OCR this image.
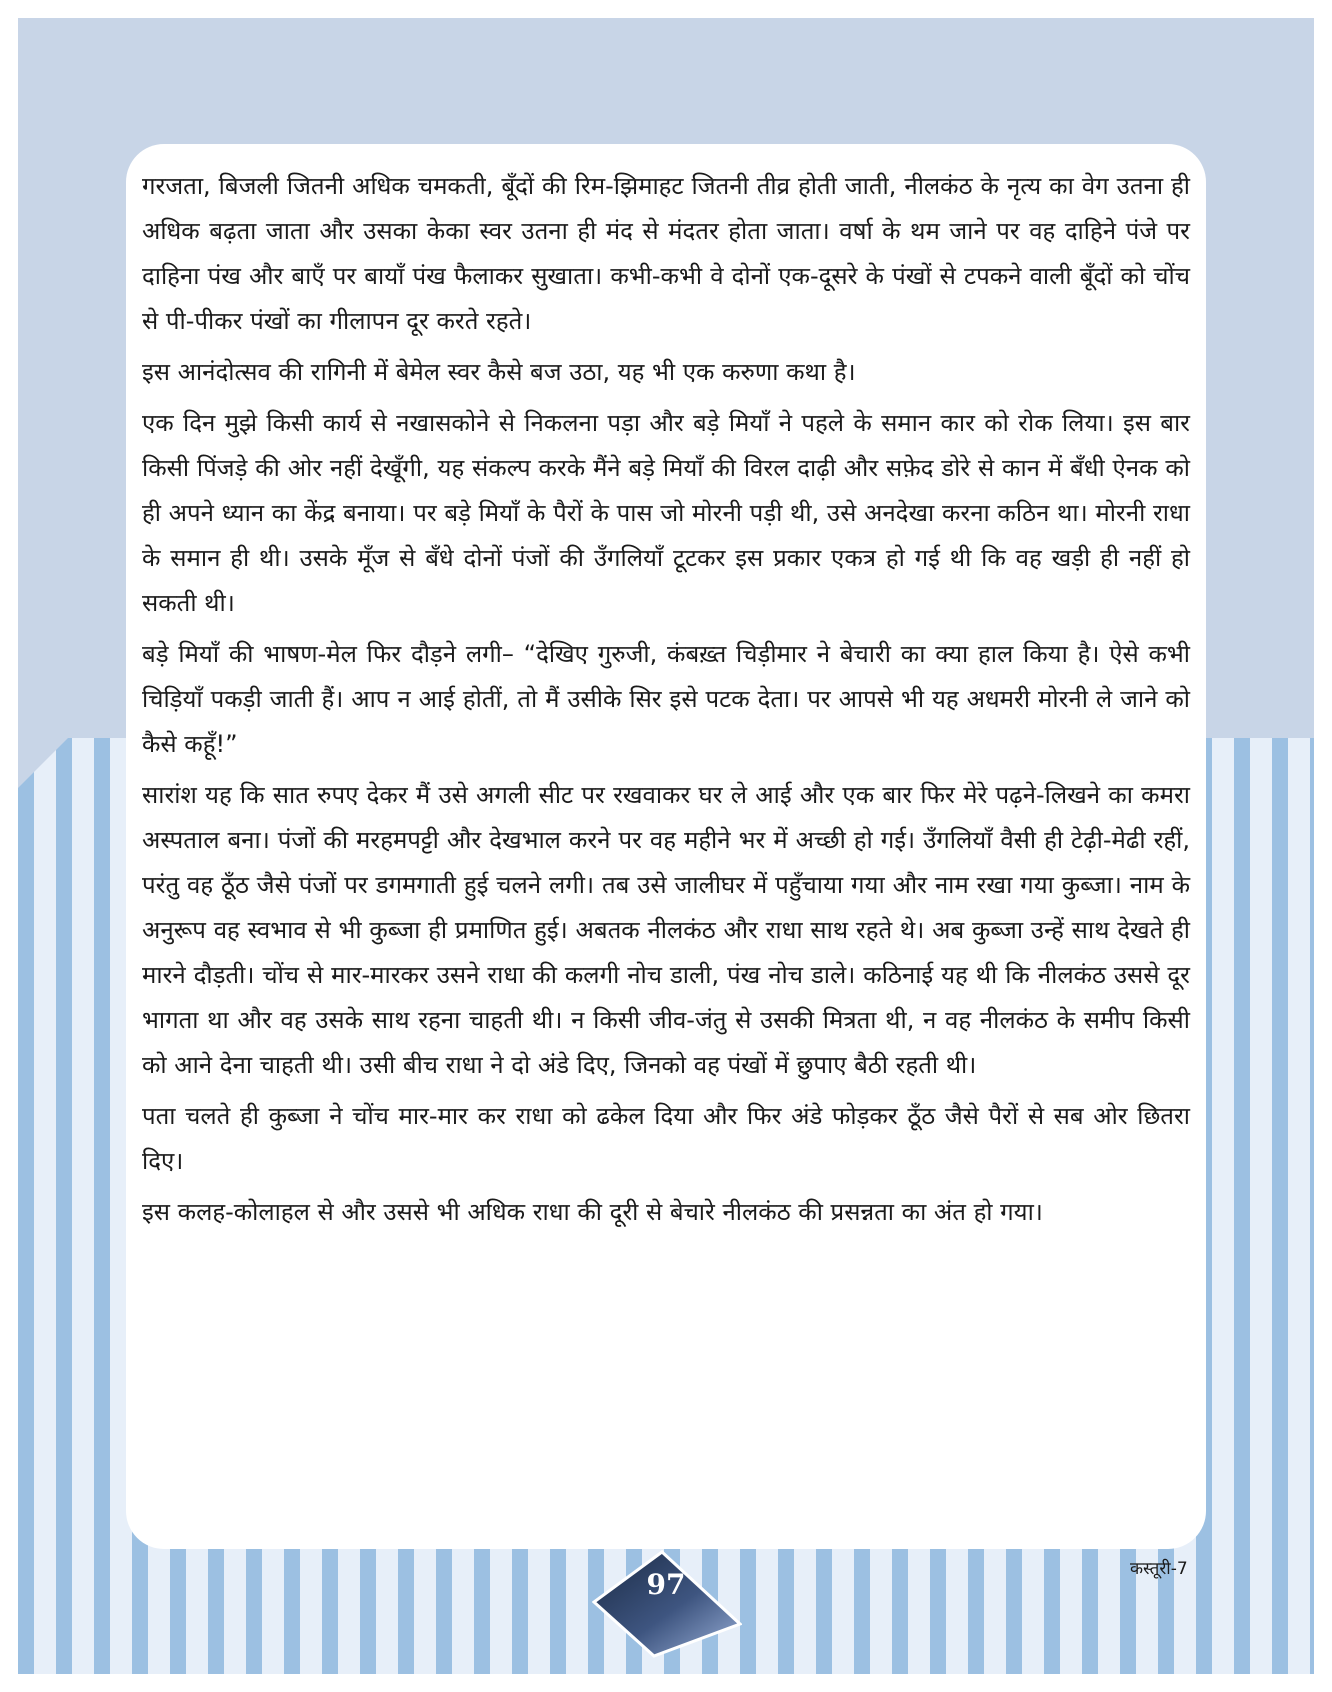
गरजता, बिजली जितनी अधिक चमकती, बूँदों की रिम-झिमाहट जितनी तीव्र होती जाती, नीलकंठ के नृत्य का वेग उतना ही अधिक बढ़ता जाता और उसका केका स्वर उतना ही मंद से मंदतर होता जाता। वर्षा के थम जाने पर वह दाहिने पंजे पर दाहिना पंख और बाएँ पर बायाँ पंख फैलाकर सुखाता। कभी-कभी वे दोनों एक-दूसरे के पंखों से टपकने वाली बूँदों को चोंच से पी-पीकर पंखों का गीलापन दूर करते रहते।

इस आनंदोत्सव की रागिनी में बेमेल स्वर कैसे बज उठा, यह भी एक करुणा कथा है।

एक दिन मुझे किसी कार्य से नखासकोने से निकलना पड़ा और बड़े मियाँ ने पहले के समान कार को रोक लिया। इस बार किसी पिंजड़े की ओर नहीं देखूँगी, यह संकल्प करके मैंने बड़े मियाँ की विरल दाढ़ी और सफ़ेद डोरे से कान में बँधी ऐनक को ही अपने ध्यान का केंद्र बनाया। पर बड़े मियाँ के पैरों के पास जो मोरनी पड़ी थी, उसे अनदेखा करना कठिन था। मोरनी राधा के समान ही थी। उसके मूँज से बँधे दोनों पंजों की उँगलियाँ टूटकर इस प्रकार एकत्र हो गई थी कि वह खड़ी ही नहीं हो सकती थी।

बड़े मियाँ की भाषण-मेल फिर दौड़ने लगी– “देखिए गुरुजी, कंबख़्त चिड़ीमार ने बेचारी का क्या हाल किया है। ऐसे कभी चिड़ियाँ पकड़ी जाती हैं। आप न आई होतीं, तो मैं उसीके सिर इसे पटक देता। पर आपसे भी यह अधमरी मोरनी ले जाने को कैसे कहूँ!”

सारांश यह कि सात रुपए देकर मैं उसे अगली सीट पर रखवाकर घर ले आई और एक बार फिर मेरे पढ़ने-लिखने का कमरा अस्पताल बना। पंजों की मरहमपट्टी और देखभाल करने पर वह महीने भर में अच्छी हो गई। उँगलियाँ वैसी ही टेढ़ी-मेढी रहीं, परंतु वह ठूँठ जैसे पंजों पर डगमगाती हुई चलने लगी। तब उसे जालीघर में पहुँचाया गया और नाम रखा गया कुब्जा। नाम के अनुरूप वह स्वभाव से भी कुब्जा ही प्रमाणित हुई। अबतक नीलकंठ और राधा साथ रहते थे। अब कुब्जा उन्हें साथ देखते ही मारने दौड़ती। चोंच से मार-मारकर उसने राधा की कलगी नोच डाली, पंख नोच डाले। कठिनाई यह थी कि नीलकंठ उससे दूर भागता था और वह उसके साथ रहना चाहती थी। न किसी जीव-जंतु से उसकी मित्रता थी, न वह नीलकंठ के समीप किसी को आने देना चाहती थी। उसी बीच राधा ने दो अंडे दिए, जिनको वह पंखों में छुपाए बैठी रहती थी।

पता चलते ही कुब्जा ने चोंच मार-मार कर राधा को ढकेल दिया और फिर अंडे फोड़कर ठूँठ जैसे पैरों से सब ओर छितरा दिए।

इस कलह-कोलाहल से और उससे भी अधिक राधा की दूरी से बेचारे नीलकंठ की प्रसन्नता का अंत हो गया।

97	कस्तूरी-7
